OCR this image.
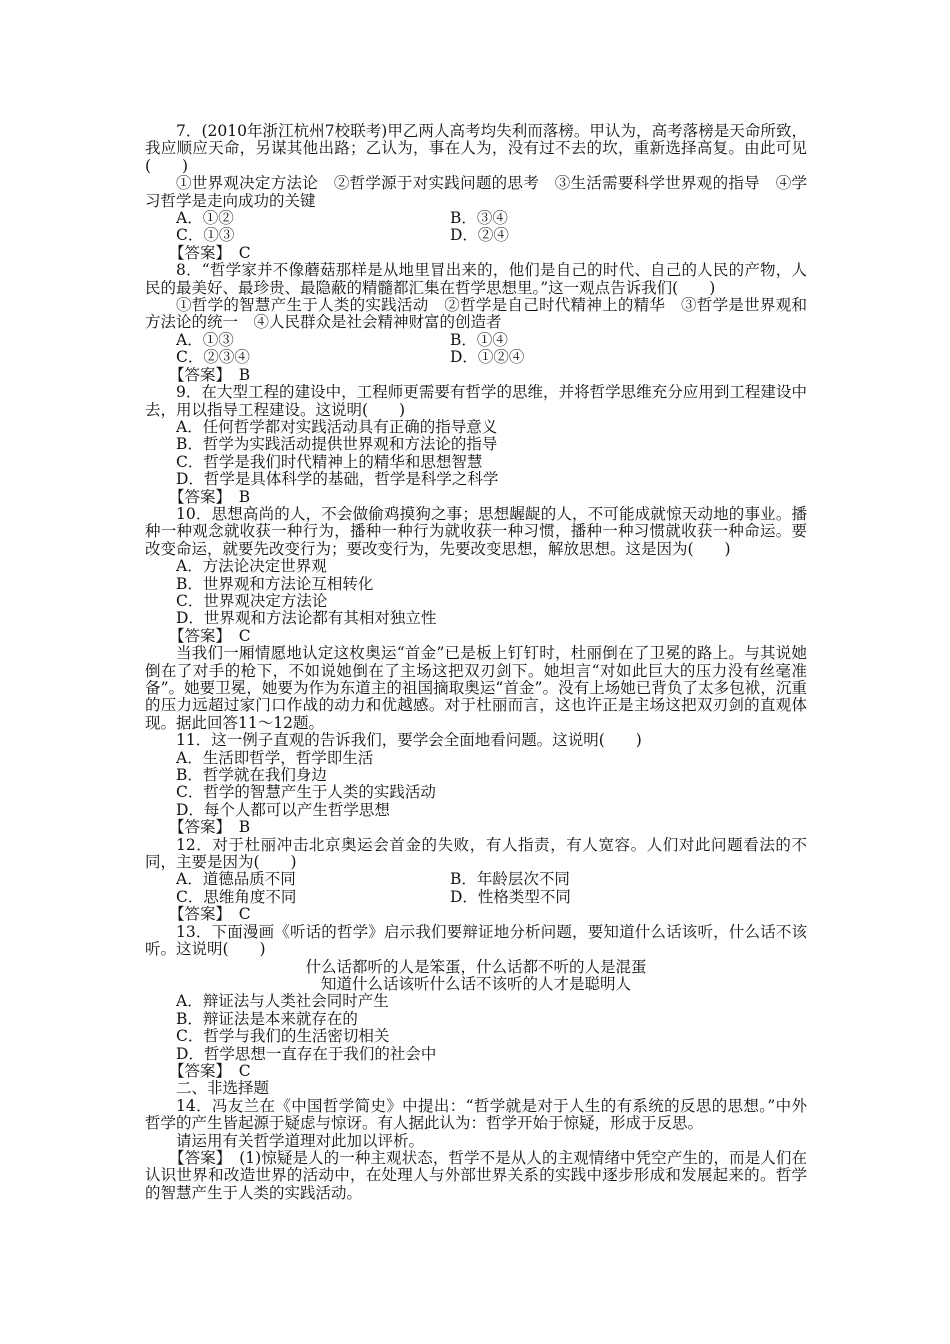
7．(2010年浙江杭州7校联考)甲乙两人高考均失利而落榜。甲认为，高考落榜是天命所致，我应顺应天命，另谋其他出路；乙认为，事在人为，没有过不去的坎，重新选择高复。由此可见(　　)

①世界观决定方法论　②哲学源于对实践问题的思考　③生活需要科学世界观的指导　④学习哲学是走向成功的关键

A．①②	B．③④
C．①③	D．②④
【答案】　C

8．“哲学家并不像蘑菇那样是从地里冒出来的，他们是自己的时代、自己的人民的产物，人民的最美好、最珍贵、最隐蔽的精髓都汇集在哲学思想里。”这一观点告诉我们(　　)

①哲学的智慧产生于人类的实践活动　②哲学是自己时代精神上的精华　③哲学是世界观和方法论的统一　④人民群众是社会精神财富的创造者

A．①③	B．①④
C．②③④	D．①②④
【答案】　B

9．在大型工程的建设中，工程师更需要有哲学的思维，并将哲学思维充分应用到工程建设中去，用以指导工程建设。这说明(　　)

A．任何哲学都对实践活动具有正确的指导意义
B．哲学为实践活动提供世界观和方法论的指导
C．哲学是我们时代精神上的精华和思想智慧
D．哲学是具体科学的基础，哲学是科学之科学
【答案】　B

10．思想高尚的人，不会做偷鸡摸狗之事；思想龌龊的人，不可能成就惊天动地的事业。播种一种观念就收获一种行为，播种一种行为就收获一种习惯，播种一种习惯就收获一种命运。要改变命运，就要先改变行为；要改变行为，先要改变思想，解放思想。这是因为(　　)

A．方法论决定世界观
B．世界观和方法论互相转化
C．世界观决定方法论
D．世界观和方法论都有其相对独立性
【答案】　C

当我们一厢情愿地认定这枚奥运“首金”已是板上钉钉时，杜丽倒在了卫冕的路上。与其说她倒在了对手的枪下，不如说她倒在了主场这把双刃剑下。她坦言“对如此巨大的压力没有丝毫准备”。她要卫冕，她要为作为东道主的祖国摘取奥运“首金”。没有上场她已背负了太多包袱，沉重的压力远超过家门口作战的动力和优越感。对于杜丽而言，这也许正是主场这把双刃剑的直观体现。据此回答11～12题。

11．这一例子直观的告诉我们，要学会全面地看问题。这说明(　　)

A．生活即哲学，哲学即生活
B．哲学就在我们身边
C．哲学的智慧产生于人类的实践活动
D．每个人都可以产生哲学思想
【答案】　B

12．对于杜丽冲击北京奥运会首金的失败，有人指责，有人宽容。人们对此问题看法的不同，主要是因为(　　)

A．道德品质不同	B．年龄层次不同
C．思维角度不同	D．性格类型不同
【答案】　C

13．下面漫画《听话的哲学》启示我们要辩证地分析问题，要知道什么话该听，什么话不该听。这说明(　　)

什么话都听的人是笨蛋，什么话都不听的人是混蛋
知道什么话该听什么话不该听的人才是聪明人
A．辩证法与人类社会同时产生
B．辩证法是本来就存在的
C．哲学与我们的生活密切相关
D．哲学思想一直存在于我们的社会中
【答案】　C
二、非选择题

14．冯友兰在《中国哲学简史》中提出：“哲学就是对于人生的有系统的反思的思想。”中外哲学的产生皆起源于疑虑与惊讶。有人据此认为：哲学开始于惊疑，形成于反思。

请运用有关哲学道理对此加以评析。

【答案】　(1)惊疑是人的一种主观状态，哲学不是从人的主观情绪中凭空产生的，而是人们在认识世界和改造世界的活动中，在处理人与外部世界关系的实践中逐步形成和发展起来的。哲学的智慧产生于人类的实践活动。
